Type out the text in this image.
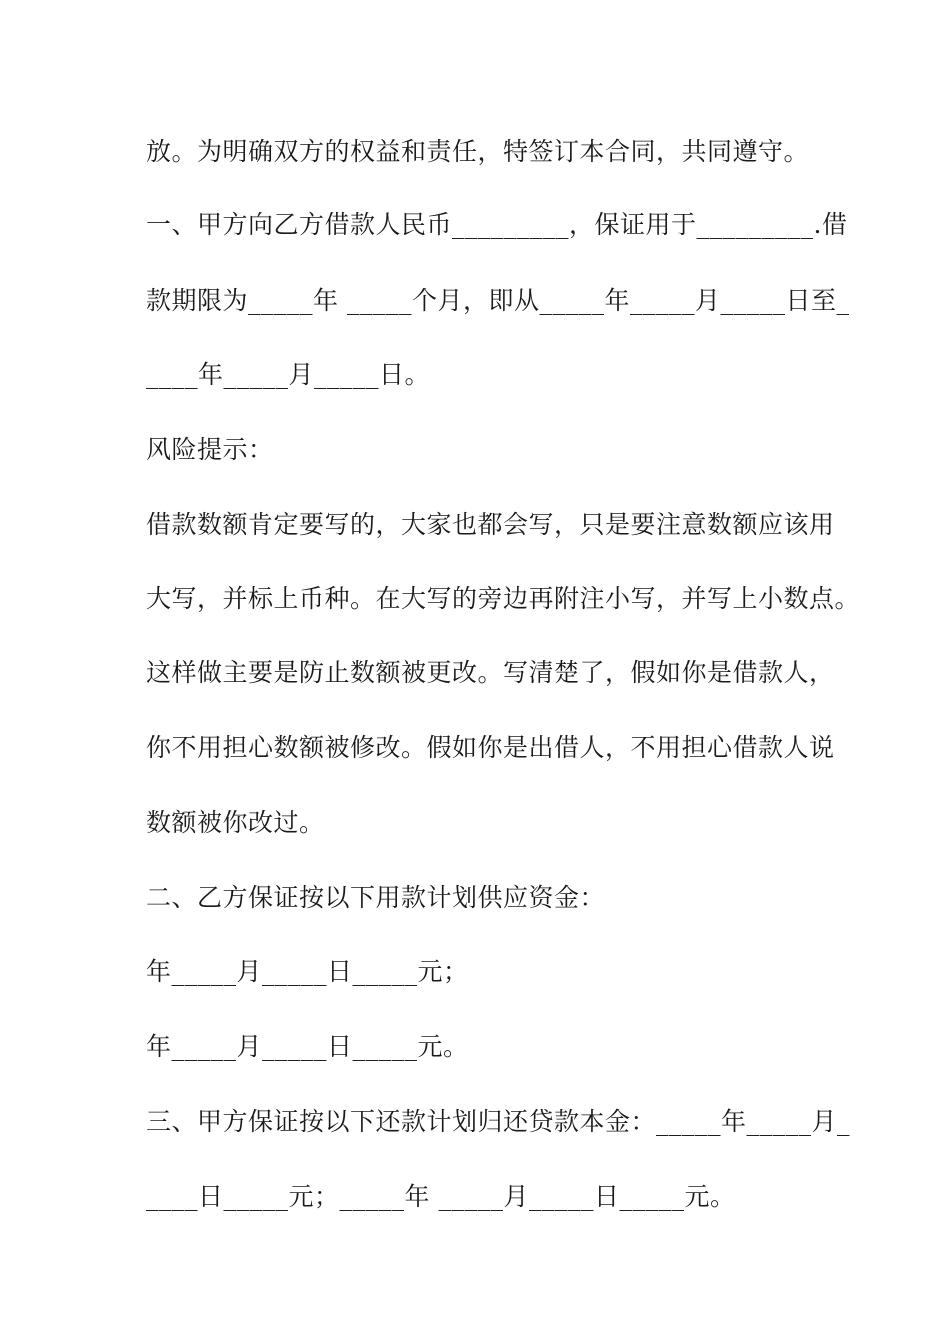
放。为明确双方的权益和责任，特签订本合同，共同遵守。
一、甲方向乙方借款人民币_________，保证用于_________.借
款期限为_____年 _____个月，即从_____年_____月_____日至_
____年_____月_____日。
风险提示：
借款数额肯定要写的，大家也都会写，只是要注意数额应该用
大写，并标上币种。在大写的旁边再附注小写，并写上小数点。
这样做主要是防止数额被更改。写清楚了，假如你是借款人，
你不用担心数额被修改。假如你是出借人，不用担心借款人说
数额被你改过。
二、乙方保证按以下用款计划供应资金：
年_____月_____日_____元；
年_____月_____日_____元。
三、甲方保证按以下还款计划归还贷款本金：_____年_____月_
____日_____元；_____年 _____月_____日_____元。
